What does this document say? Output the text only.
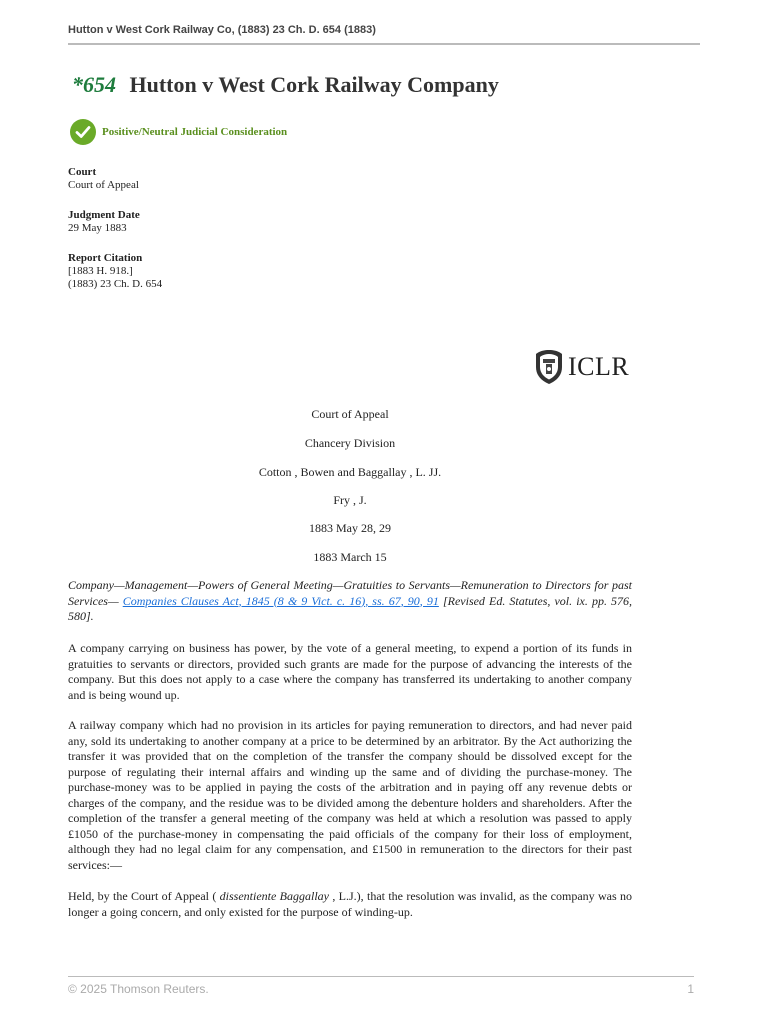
Hutton v West Cork Railway Co, (1883) 23 Ch. D. 654 (1883)
*654 Hutton v West Cork Railway Company
Positive/Neutral Judicial Consideration
Court
Court of Appeal
Judgment Date
29 May 1883
Report Citation
[1883 H. 918.]
(1883) 23 Ch. D. 654
ICLR
Court of Appeal
Chancery Division
Cotton , Bowen and Baggallay , L. JJ.
Fry , J.
1883 May 28, 29
1883 March 15
Company—Management—Powers of General Meeting—Gratuities to Servants—Remuneration to Directors for past Services— Companies Clauses Act, 1845 (8 & 9 Vict. c. 16), ss. 67, 90, 91 [Revised Ed. Statutes, vol. ix. pp. 576, 580].
A company carrying on business has power, by the vote of a general meeting, to expend a portion of its funds in gratuities to servants or directors, provided such grants are made for the purpose of advancing the interests of the company. But this does not apply to a case where the company has transferred its undertaking to another company and is being wound up.
A railway company which had no provision in its articles for paying remuneration to directors, and had never paid any, sold its undertaking to another company at a price to be determined by an arbitrator. By the Act authorizing the transfer it was provided that on the completion of the transfer the company should be dissolved except for the purpose of regulating their internal affairs and winding up the same and of dividing the purchase-money. The purchase-money was to be applied in paying the costs of the arbitration and in paying off any revenue debts or charges of the company, and the residue was to be divided among the debenture holders and shareholders. After the completion of the transfer a general meeting of the company was held at which a resolution was passed to apply £1050 of the purchase-money in compensating the paid officials of the company for their loss of employment, although they had no legal claim for any compensation, and £1500 in remuneration to the directors for their past services:—
Held, by the Court of Appeal ( dissentiente Baggallay , L.J.), that the resolution was invalid, as the company was no longer a going concern, and only existed for the purpose of winding-up.
© 2025 Thomson Reuters.	1
